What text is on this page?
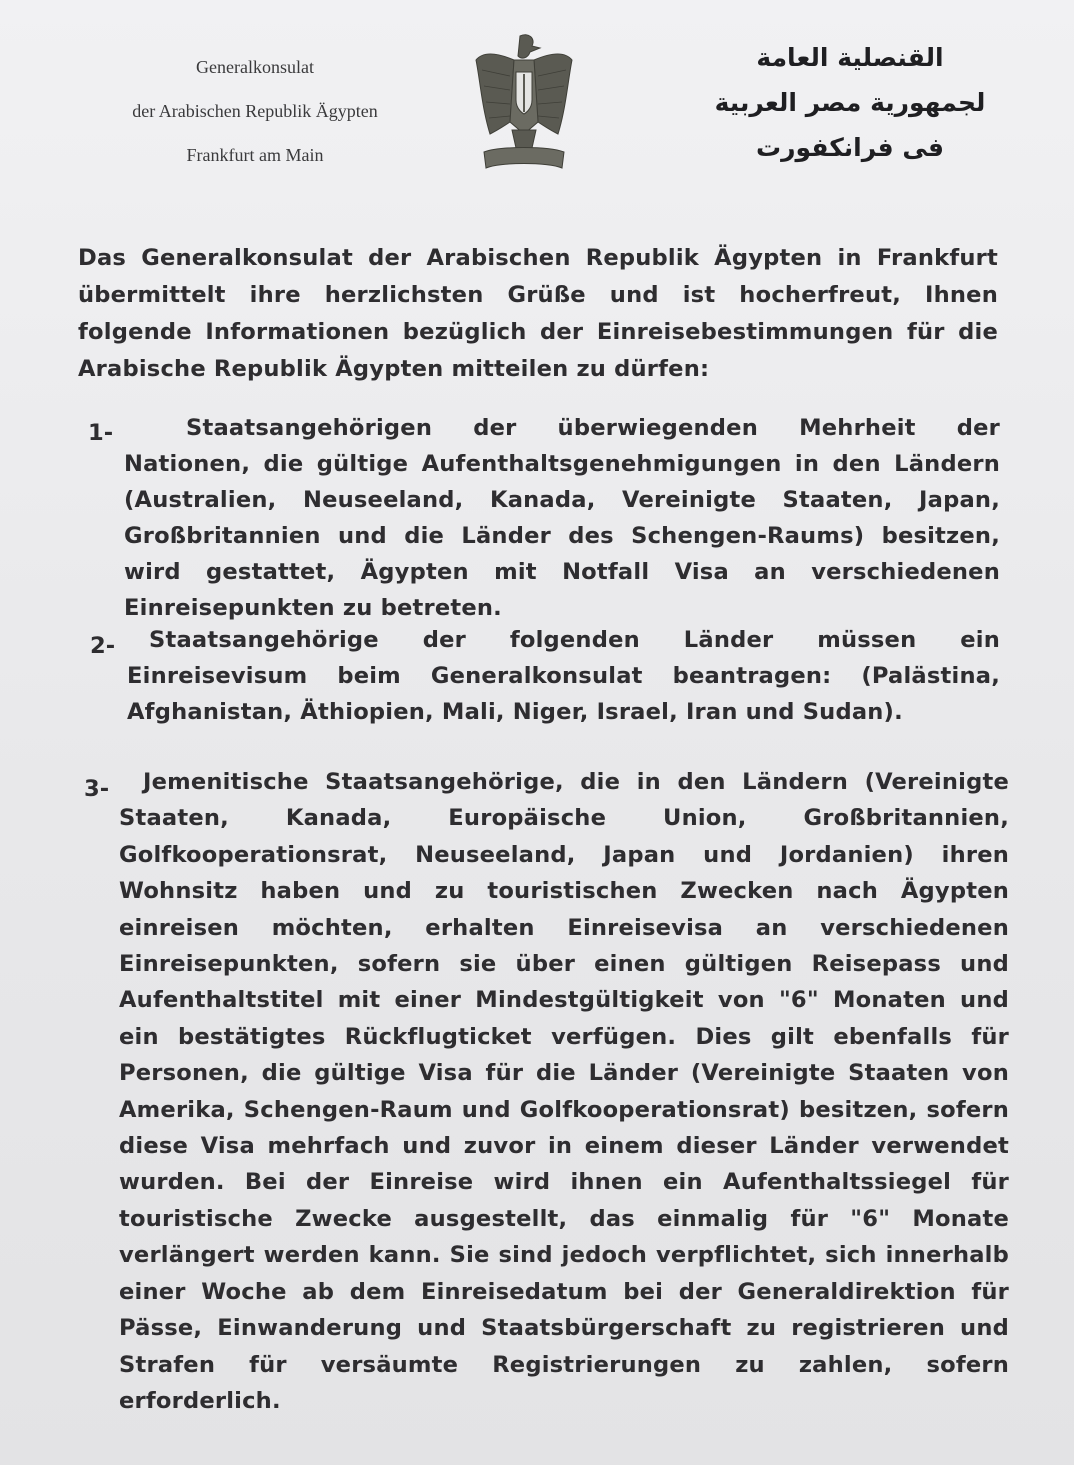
Generalkonsulat
der Arabischen Republik Ägypten
Frankfurt am Main
القنصلية العامة
لجمهورية مصر العربية
فى فرانكفورت
Das Generalkonsulat der Arabischen Republik Ägypten in Frankfurt übermittelt ihre herzlichsten Grüße und ist hocherfreut, Ihnen folgende Informationen bezüglich der Einreisebestimmungen für die Arabische Republik Ägypten mitteilen zu dürfen:
1-	Staatsangehörigen der überwiegenden Mehrheit der Nationen, die gültige Aufenthaltsgenehmigungen in den Ländern (Australien, Neuseeland, Kanada, Vereinigte Staaten, Japan, Großbritannien und die Länder des Schengen-Raums) besitzen, wird gestattet, Ägypten mit Notfall Visa an verschiedenen Einreisepunkten zu betreten.
2-	Staatsangehörige der folgenden Länder müssen ein Einreisevisum beim Generalkonsulat beantragen: (Palästina, Afghanistan, Äthiopien, Mali, Niger, Israel, Iran und Sudan).
3-	Jemenitische Staatsangehörige, die in den Ländern (Vereinigte Staaten, Kanada, Europäische Union, Großbritannien, Golfkooperationsrat, Neuseeland, Japan und Jordanien) ihren Wohnsitz haben und zu touristischen Zwecken nach Ägypten einreisen möchten, erhalten Einreisevisa an verschiedenen Einreisepunkten, sofern sie über einen gültigen Reisepass und Aufenthaltstitel mit einer Mindestgültigkeit von "6" Monaten und ein bestätigtes Rückflugticket verfügen. Dies gilt ebenfalls für Personen, die gültige Visa für die Länder (Vereinigte Staaten von Amerika, Schengen-Raum und Golfkooperationsrat) besitzen, sofern diese Visa mehrfach und zuvor in einem dieser Länder verwendet wurden. Bei der Einreise wird ihnen ein Aufenthaltssiegel für touristische Zwecke ausgestellt, das einmalig für "6" Monate verlängert werden kann. Sie sind jedoch verpflichtet, sich innerhalb einer Woche ab dem Einreisedatum bei der Generaldirektion für Pässe, Einwanderung und Staatsbürgerschaft zu registrieren und Strafen für versäumte Registrierungen zu zahlen, sofern erforderlich.
